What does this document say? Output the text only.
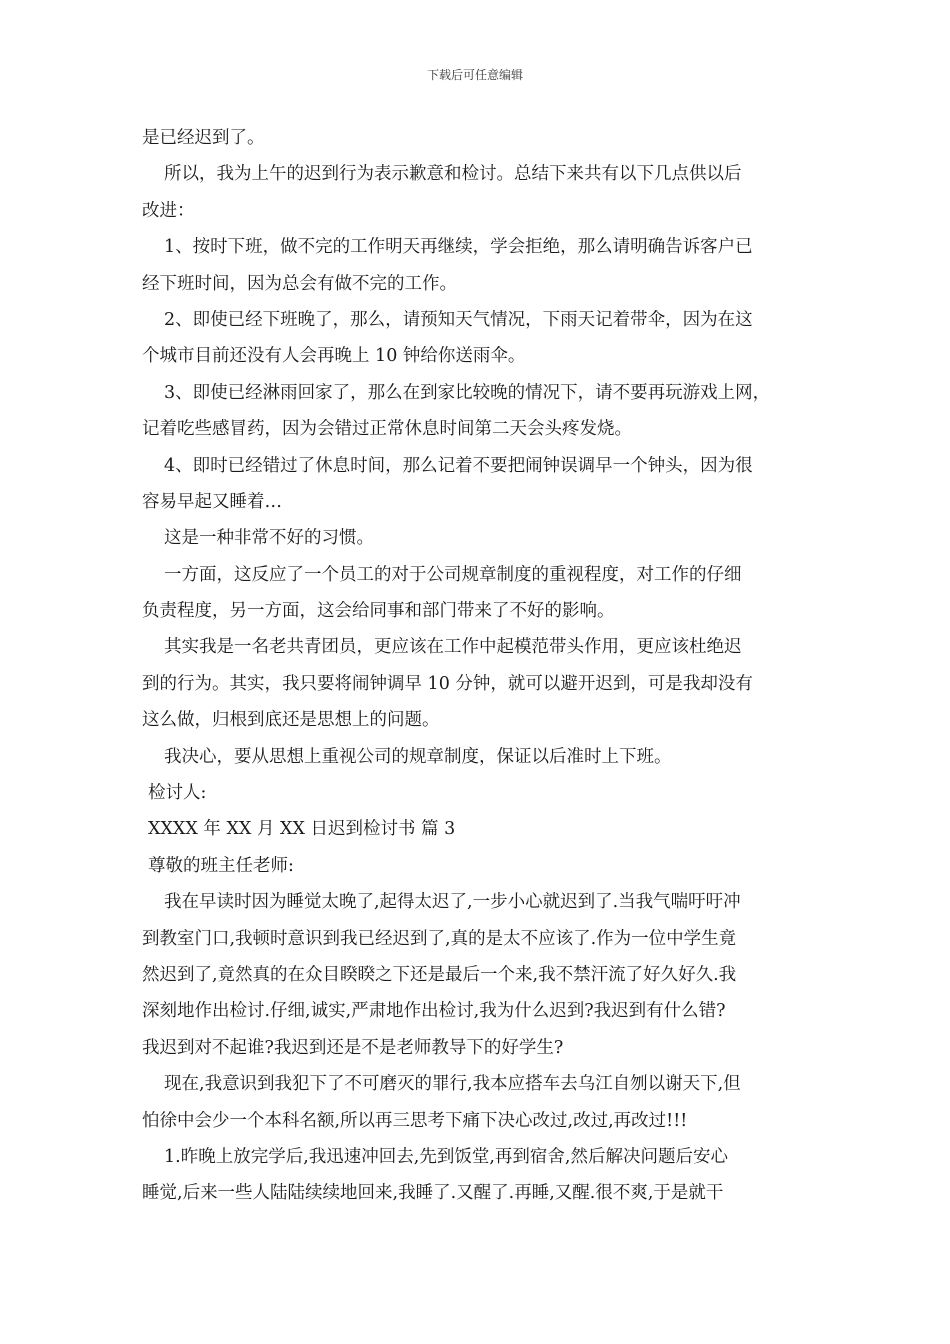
下载后可任意编辑
是已经迟到了。
所以，我为上午的迟到行为表示歉意和检讨。总结下来共有以下几点供以后
改进：
1、按时下班，做不完的工作明天再继续，学会拒绝，那么请明确告诉客户已
经下班时间，因为总会有做不完的工作。
2、即使已经下班晚了，那么，请预知天气情况，下雨天记着带伞，因为在这
个城市目前还没有人会再晚上 10 钟给你送雨伞。
3、即使已经淋雨回家了，那么在到家比较晚的情况下，请不要再玩游戏上网，
记着吃些感冒药，因为会错过正常休息时间第二天会头疼发烧。
4、即时已经错过了休息时间，那么记着不要把闹钟误调早一个钟头，因为很
容易早起又睡着…
这是一种非常不好的习惯。
一方面，这反应了一个员工的对于公司规章制度的重视程度，对工作的仔细
负责程度，另一方面，这会给同事和部门带来了不好的影响。
其实我是一名老共青团员，更应该在工作中起模范带头作用，更应该杜绝迟
到的行为。其实，我只要将闹钟调早 10 分钟，就可以避开迟到，可是我却没有
这么做，归根到底还是思想上的问题。
我决心，要从思想上重视公司的规章制度，保证以后准时上下班。
检讨人:
XXXX 年 XX 月 XX 日迟到检讨书 篇 3
尊敬的班主任老师:
我在早读时因为睡觉太晚了,起得太迟了,一步小心就迟到了.当我气喘吁吁冲
到教室门口,我顿时意识到我已经迟到了,真的是太不应该了.作为一位中学生竟
然迟到了,竟然真的在众目睽睽之下还是最后一个来,我不禁汗流了好久好久.我
深刻地作出检讨.仔细,诚实,严肃地作出检讨,我为什么迟到?我迟到有什么错?
我迟到对不起谁?我迟到还是不是老师教导下的好学生?
现在,我意识到我犯下了不可磨灭的罪行,我本应搭车去乌江自刎以谢天下,但
怕徐中会少一个本科名额,所以再三思考下痛下决心改过,改过,再改过!!!
1.昨晚上放完学后,我迅速冲回去,先到饭堂,再到宿舍,然后解决问题后安心
睡觉,后来一些人陆陆续续地回来,我睡了.又醒了.再睡,又醒.很不爽,于是就干
